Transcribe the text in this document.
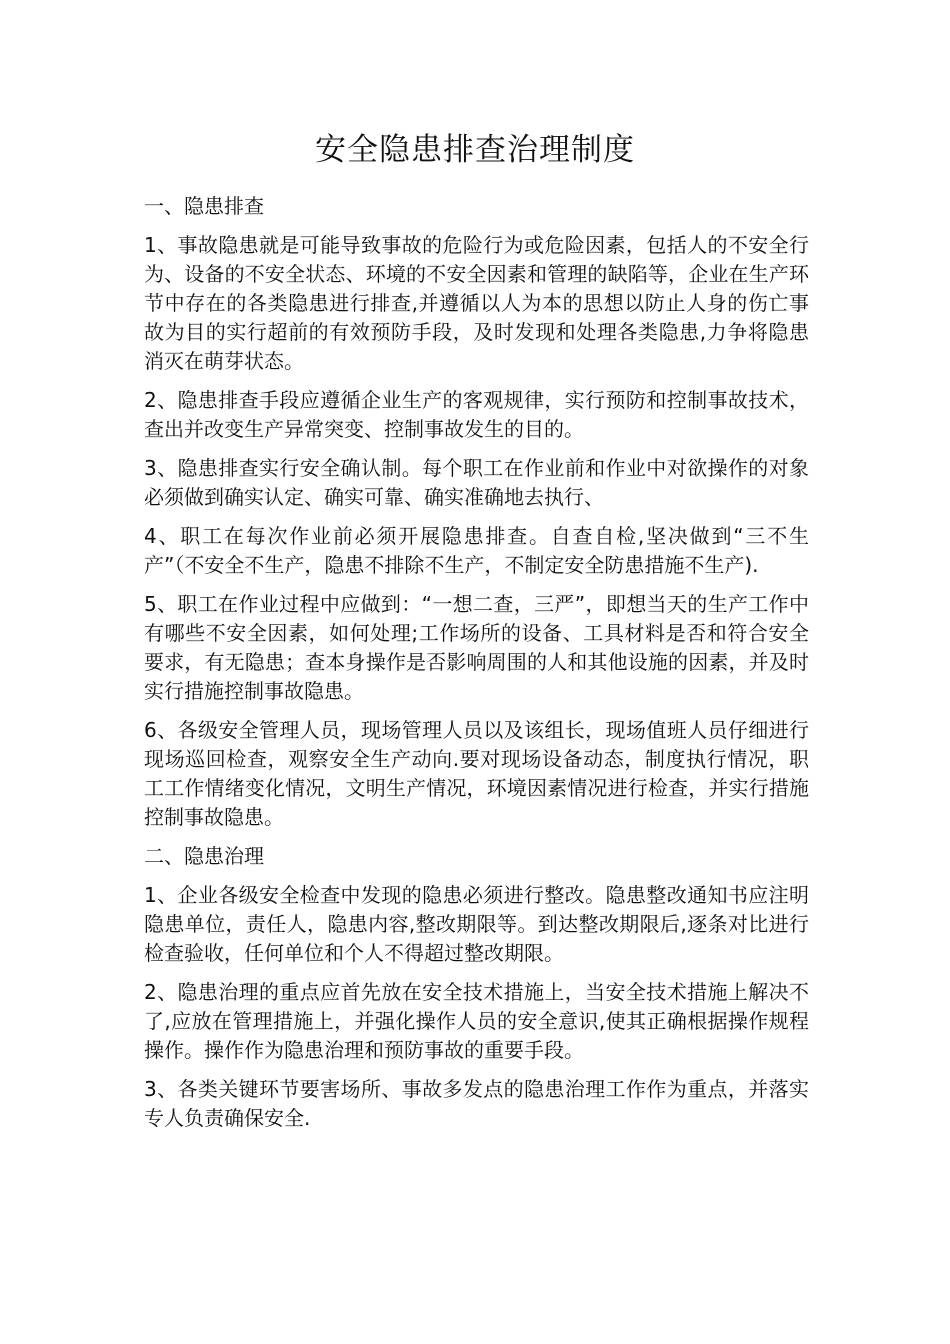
安全隐患排查治理制度

一、隐患排查

1、事故隐患就是可能导致事故的危险行为或危险因素，包括人的不安全行为、设备的不安全状态、环境的不安全因素和管理的缺陷等，企业在生产环节中存在的各类隐患进行排查,并遵循以人为本的思想以防止人身的伤亡事故为目的实行超前的有效预防手段，及时发现和处理各类隐患,力争将隐患消灭在萌芽状态。

2、隐患排查手段应遵循企业生产的客观规律，实行预防和控制事故技术，查出并改变生产异常突变、控制事故发生的目的。

3、隐患排查实行安全确认制。每个职工在作业前和作业中对欲操作的对象必须做到确实认定、确实可靠、确实准确地去执行、

4、职工在每次作业前必须开展隐患排查。自查自检,坚决做到“三不生产”（不安全不生产，隐患不排除不生产，不制定安全防患措施不生产).

5、职工在作业过程中应做到：“一想二查，三严”，即想当天的生产工作中有哪些不安全因素，如何处理;工作场所的设备、工具材料是否和符合安全要求，有无隐患；查本身操作是否影响周围的人和其他设施的因素，并及时实行措施控制事故隐患。

6、各级安全管理人员，现场管理人员以及该组长，现场值班人员仔细进行现场巡回检查，观察安全生产动向.要对现场设备动态，制度执行情况，职工工作情绪变化情况，文明生产情况，环境因素情况进行检查，并实行措施控制事故隐患。

二、隐患治理

1、企业各级安全检查中发现的隐患必须进行整改。隐患整改通知书应注明隐患单位，责任人，隐患内容,整改期限等。到达整改期限后,逐条对比进行检查验收，任何单位和个人不得超过整改期限。

2、隐患治理的重点应首先放在安全技术措施上，当安全技术措施上解决不了,应放在管理措施上，并强化操作人员的安全意识,使其正确根据操作规程操作。操作作为隐患治理和预防事故的重要手段。

3、各类关键环节要害场所、事故多发点的隐患治理工作作为重点，并落实专人负责确保安全.
